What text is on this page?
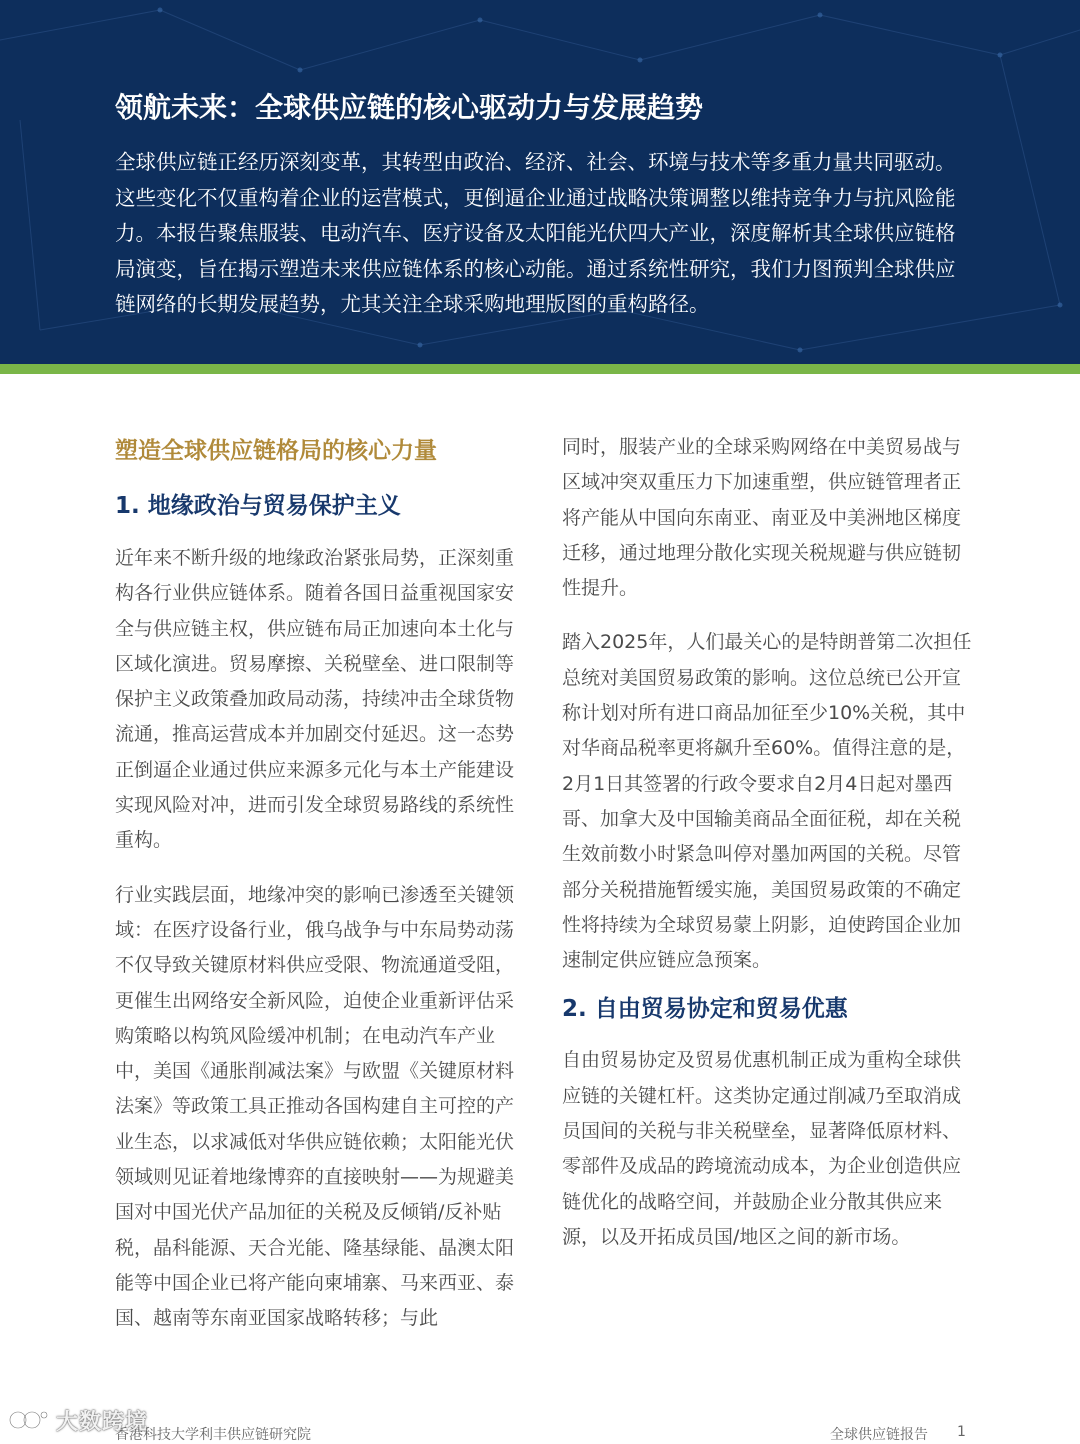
领航未来：全球供应链的核心驱动力与发展趋势

全球供应链正经历深刻变革，其转型由政治、经济、社会、环境与技术等多重力量共同驱动。这些变化不仅重构着企业的运营模式，更倒逼企业通过战略决策调整以维持竞争力与抗风险能力。本报告聚焦服装、电动汽车、医疗设备及太阳能光伏四大产业，深度解析其全球供应链格局演变，旨在揭示塑造未来供应链体系的核心动能。通过系统性研究，我们力图预判全球供应链网络的长期发展趋势，尤其关注全球采购地理版图的重构路径。

塑造全球供应链格局的核心力量
1. 地缘政治与贸易保护主义

近年来不断升级的地缘政治紧张局势，正深刻重构各行业供应链体系。随着各国日益重视国家安全与供应链主权，供应链布局正加速向本土化与区域化演进。贸易摩擦、关税壁垒、进口限制等保护主义政策叠加政局动荡，持续冲击全球货物流通，推高运营成本并加剧交付延迟。这一态势正倒逼企业通过供应来源多元化与本土产能建设实现风险对冲，进而引发全球贸易路线的系统性重构。

行业实践层面，地缘冲突的影响已渗透至关键领域：在医疗设备行业，俄乌战争与中东局势动荡不仅导致关键原材料供应受限、物流通道受阻，更催生出网络安全新风险，迫使企业重新评估采购策略以构筑风险缓冲机制；在电动汽车产业中，美国《通胀削减法案》与欧盟《关键原材料法案》等政策工具正推动各国构建自主可控的产业生态，以求减低对华供应链依赖；太阳能光伏领域则见证着地缘博弈的直接映射——为规避美国对中国光伏产品加征的关税及反倾销/反补贴税，晶科能源、天合光能、隆基绿能、晶澳太阳能等中国企业已将产能向柬埔寨、马来西亚、泰国、越南等东南亚国家战略转移；与此

同时，服装产业的全球采购网络在中美贸易战与区域冲突双重压力下加速重塑，供应链管理者正将产能从中国向东南亚、南亚及中美洲地区梯度迁移，通过地理分散化实现关税规避与供应链韧性提升。

踏入2025年，人们最关心的是特朗普第二次担任总统对美国贸易政策的影响。这位总统已公开宣称计划对所有进口商品加征至少10%关税，其中对华商品税率更将飙升至60%。值得注意的是，2月1日其签署的行政令要求自2月4日起对墨西哥、加拿大及中国输美商品全面征税，却在关税生效前数小时紧急叫停对墨加两国的关税。尽管部分关税措施暂缓实施，美国贸易政策的不确定性将持续为全球贸易蒙上阴影，迫使跨国企业加速制定供应链应急预案。

2. 自由贸易协定和贸易优惠

自由贸易协定及贸易优惠机制正成为重构全球供应链的关键杠杆。这类协定通过削减乃至取消成员国间的关税与非关税壁垒，显著降低原材料、零部件及成品的跨境流动成本，为企业创造供应链优化的战略空间，并鼓励企业分散其供应来源，以及开拓成员国/地区之间的新市场。

香港科技大学利丰供应链研究院	全球供应链报告 1
大数跨境
